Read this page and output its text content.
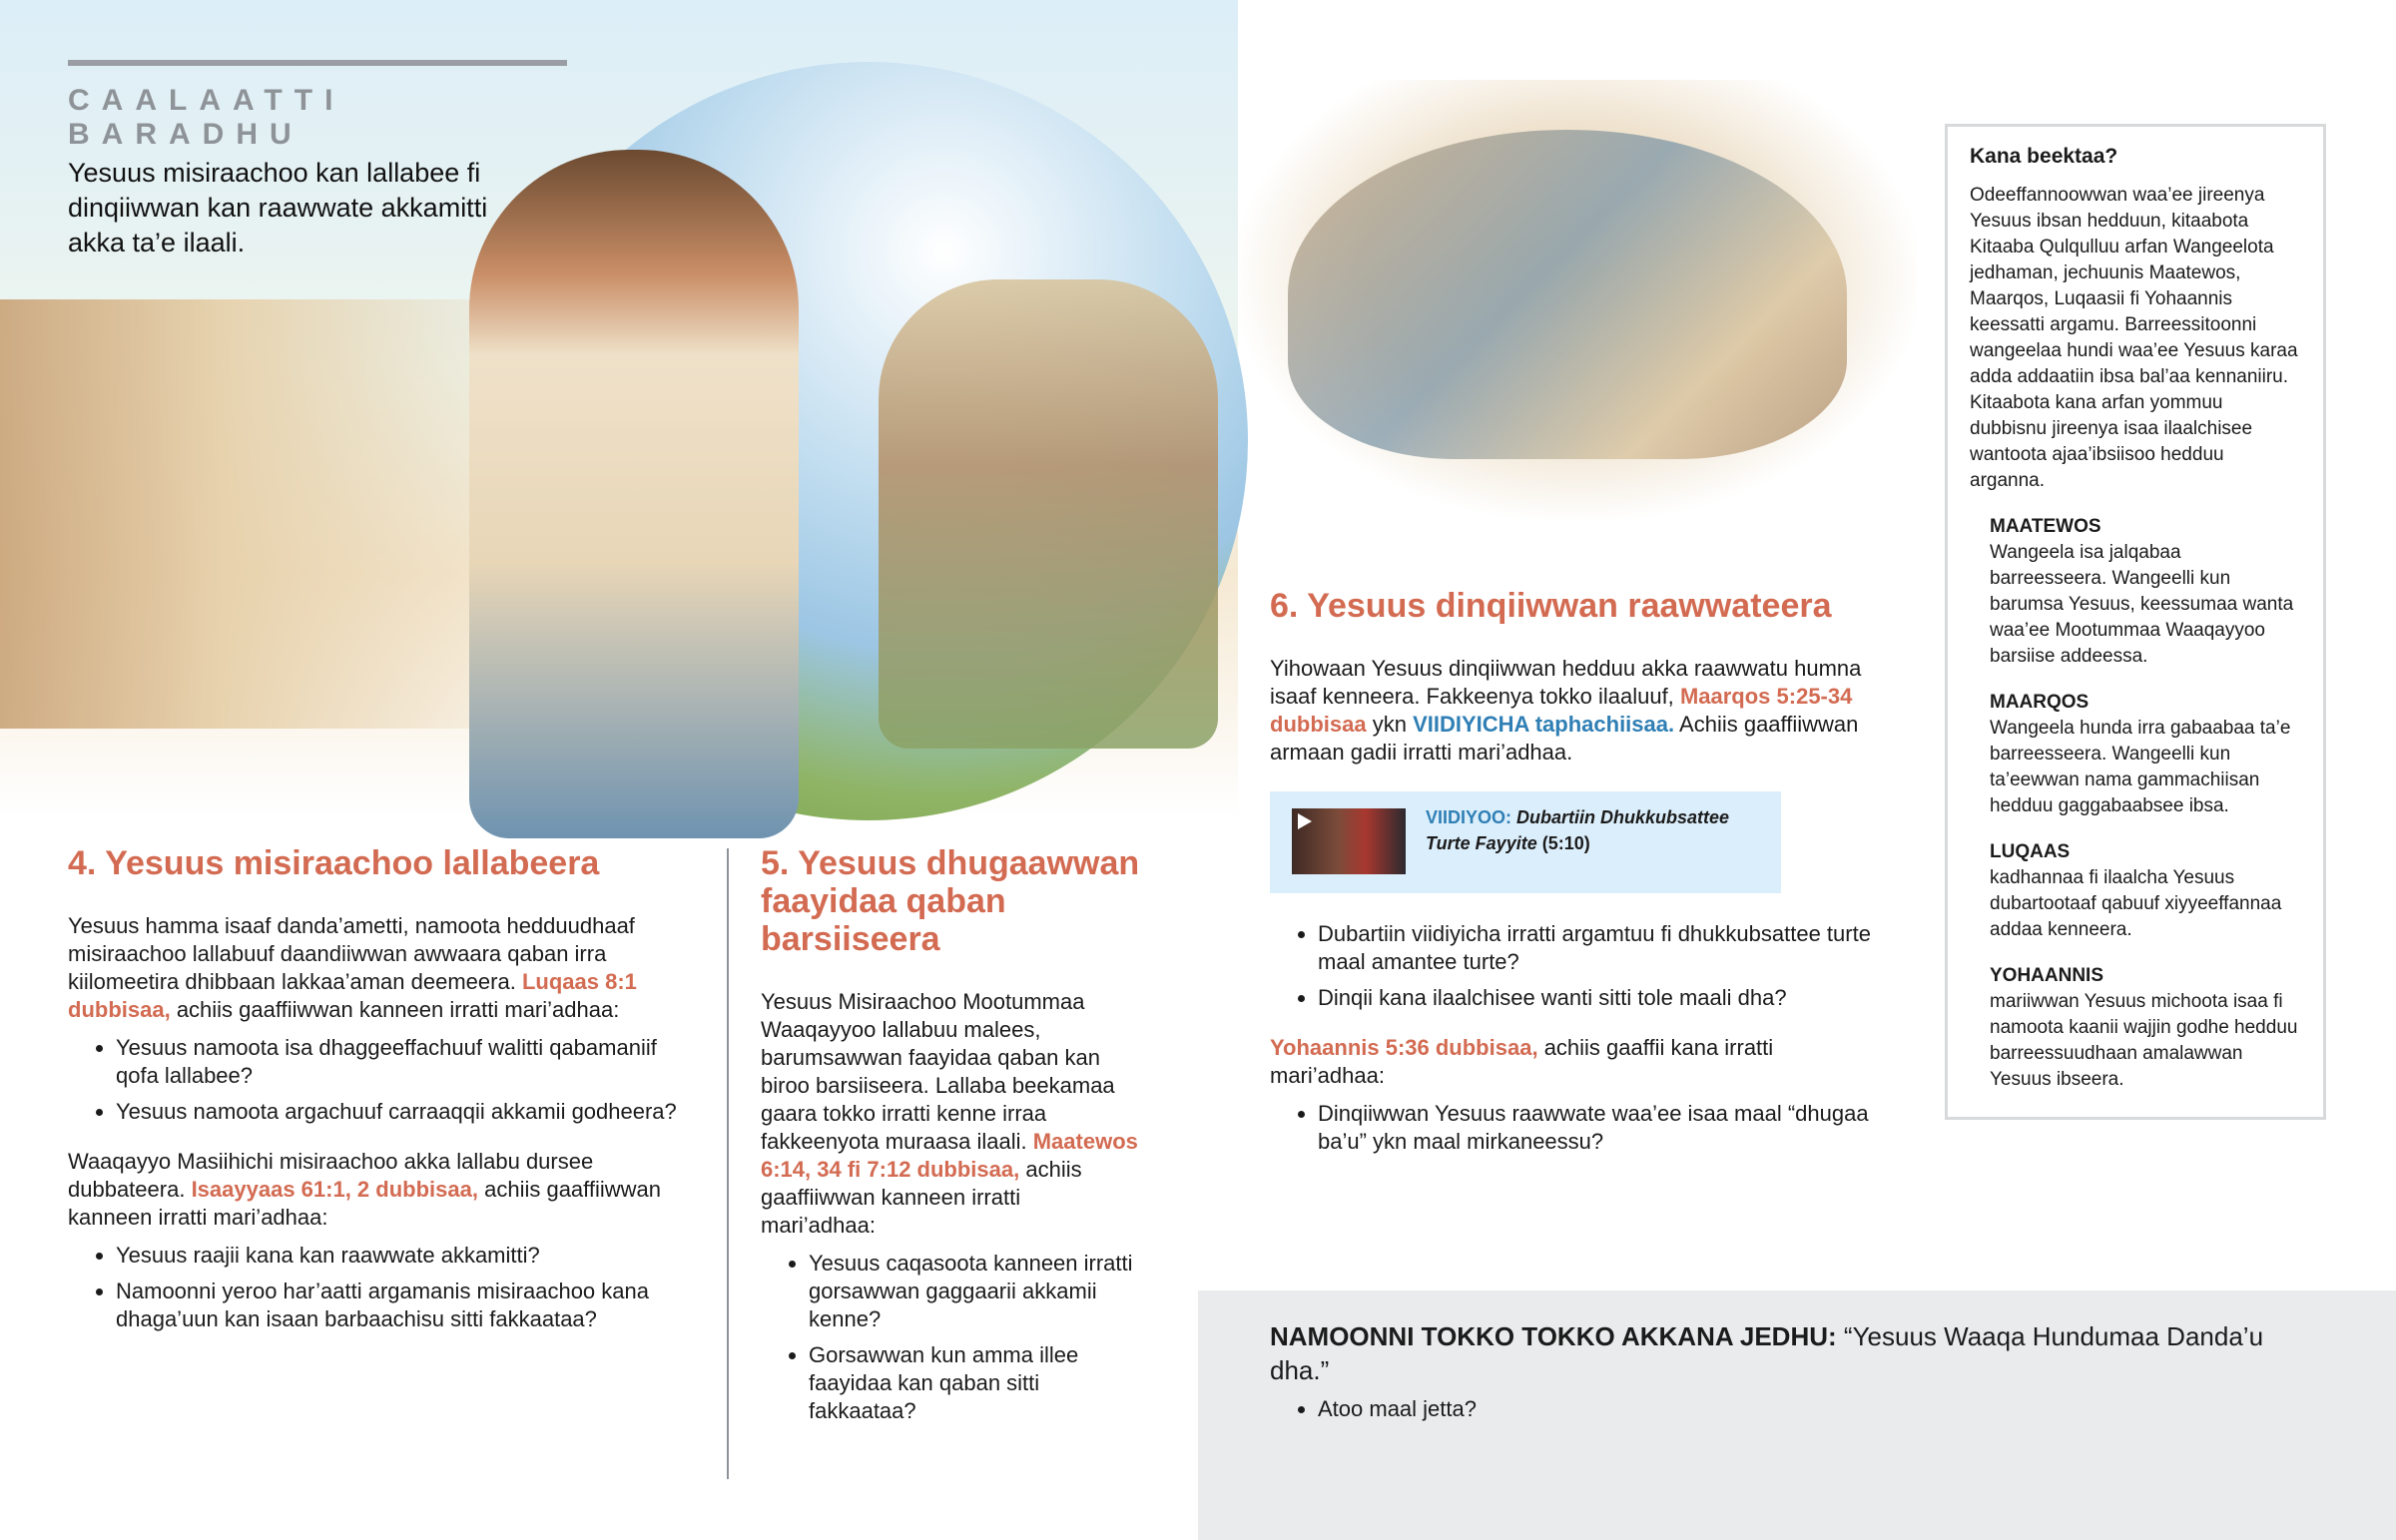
CAALAATTI BARADHU
Yesuus misiraachoo kan lallabee fi dinqiiwwan kan raawwate akkamitti akka ta’e ilaali.
4. Yesuus misiraachoo lallabeera

Yesuus hamma isaaf danda’ametti, namoota hedduudhaaf misiraachoo lallabuuf daandiiwwan awwaara qaban irra kiilomeetira dhibbaan lakkaa’aman deemeera. Luqaas 8:1 dubbisaa, achiis gaaffiiwwan kanneen irratti mari’adhaa:

• Yesuus namoota isa dhaggeeffachuuf walitti qabamaniif qofa lallabee?
• Yesuus namoota argachuuf carraaqqii akkamii godheera?

Waaqayyo Masiihichi misiraachoo akka lallabu dursee dubbateera. Isaayyaas 61:1, 2 dubbisaa, achiis gaaffiiwwan kanneen irratti mari’adhaa:

• Yesuus raajii kana kan raawwate akkamitti?
• Namoonni yeroo har’aatti argamanis misiraachoo kana dhaga’uun kan isaan barbaachisu sitti fakkaataa?
5. Yesuus dhugaawwan faayidaa qaban barsiiseera

Yesuus Misiraachoo Mootummaa Waaqayyoo lallabuu malees, barumsawwan faayidaa qaban kan biroo barsiiseera. Lallaba beekamaa gaara tokko irratti kenne irraa fakkeenyota muraasa ilaali. Maatewos 6:14, 34 fi 7:12 dubbisaa, achiis gaaffiiwwan kanneen irratti mari’adhaa:

• Yesuus caqasoota kanneen irratti gorsawwan gaggaarii akkamii kenne?
• Gorsawwan kun amma illee faayidaa kan qaban sitti fakkaataa?
6. Yesuus dinqiiwwan raawwateera

Yihowaan Yesuus dinqiiwwan hedduu akka raawwatu humna isaaf kenneera. Fakkeenya tokko ilaaluuf, Maarqos 5:25-34 dubbisaa ykn VIIDIYICHA taphachiisaa. Achiis gaaffiiwwan armaan gadii irratti mari’adhaa.

VIIDIYOO: Dubartiin Dhukkubsattee Turte Fayyite (5:10)
• Dubartiin viidiyicha irratti argamtuu fi dhukkubsattee turte maal amantee turte?
• Dinqii kana ilaalchisee wanti sitti tole maali dha?

Yohaannis 5:36 dubbisaa, achiis gaaffii kana irratti mari’adhaa:

• Dinqiiwwan Yesuus raawwate waa’ee isaa maal “dhugaa ba’u” ykn maal mirkaneessu?
Kana beektaa?
Odeeffannoowwan waa’ee jireenya Yesuus ibsan hedduun, kitaabota Kitaaba Qulqulluu arfan Wangeelota jedhaman, jechuunis Maatewos, Maarqos, Luqaasii fi Yohaannis keessatti argamu. Barreessitoonni wangeelaa hundi waa’ee Yesuus karaa adda addaatiin ibsa bal’aa kennaniiru. Kitaabota kana arfan yommuu dubbisnu jireenya isaa ilaalchisee wantoota ajaa’ibsiisoo hedduu arganna.
MAATEWOS
Wangeela isa jalqabaa barreesseera. Wangeelli kun barumsa Yesuus, keessumaa wanta waa’ee Mootummaa Waaqayyoo barsiise addeessa.
MAARQOS
Wangeela hunda irra gabaabaa ta’e barreesseera. Wangeelli kun ta’eewwan nama gammachiisan hedduu gaggabaabsee ibsa.
LUQAAS
kadhannaa fi ilaalcha Yesuus dubartootaaf qabuuf xiyyeeffannaa addaa kenneera.
YOHAANNIS
mariiwwan Yesuus michoota isaa fi namoota kaanii wajjin godhe hedduu barreessuudhaan amalawwan Yesuus ibseera.
NAMOONNI TOKKO TOKKO AKKANA JEDHU: “Yesuus Waaqa Hundumaa Danda’u dha.”
• Atoo maal jetta?
